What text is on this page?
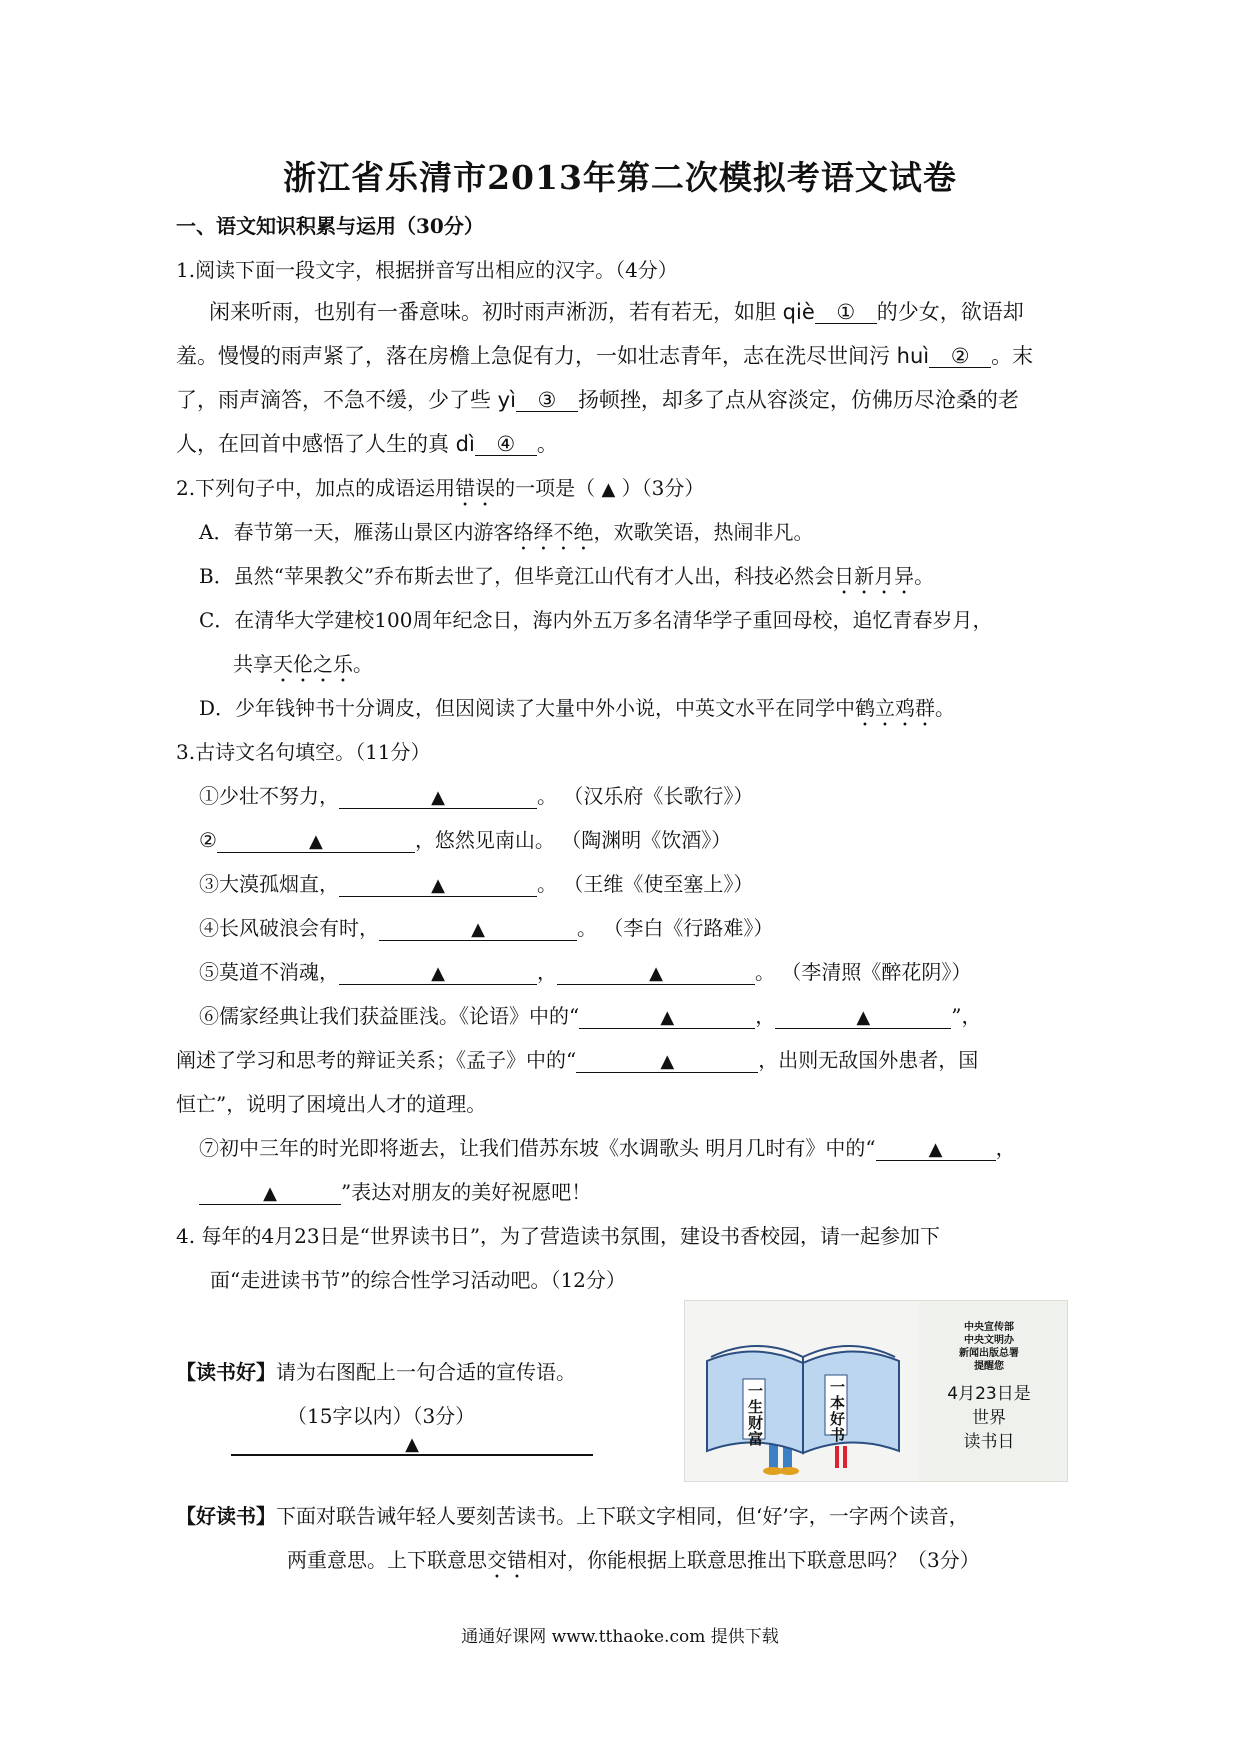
浙江省乐清市2013年第二次模拟考语文试卷
一、语文知识积累与运用（30分）
1.阅读下面一段文字，根据拼音写出相应的汉字。（4分）
闲来听雨，也别有一番意味。初时雨声淅沥，若有若无，如胆 qiè ① 的少女，欲语却
羞。慢慢的雨声紧了，落在房檐上急促有力，一如壮志青年，志在洗尽世间污 huì ② 。末
了，雨声滴答，不急不缓，少了些 yì ③ 扬顿挫，却多了点从容淡定，仿佛历尽沧桑的老
人，在回首中感悟了人生的真 dì ④ 。
2.下列句子中，加点的成语运用错误的一项是（ ▲ ）（3分）
A．春节第一天，雁荡山景区内游客络绎不绝，欢歌笑语，热闹非凡。
B．虽然“苹果教父”乔布斯去世了，但毕竟江山代有才人出，科技必然会日新月异。
C．在清华大学建校100周年纪念日，海内外五万多名清华学子重回母校，追忆青春岁月，
共享天伦之乐。
D．少年钱钟书十分调皮，但因阅读了大量中外小说，中英文水平在同学中鹤立鸡群。
3.古诗文名句填空。（11分）
①少壮不努力，	▲	。 （汉乐府《长歌行》）
②	▲	，悠然见南山。 （陶渊明《饮酒》）
③大漠孤烟直，	▲	。 （王维《使至塞上》）
④长风破浪会有时，	▲	。 （李白《行路难》）
⑤莫道不消魂，	▲	，	▲	。 （李清照《醉花阴》）
⑥儒家经典让我们获益匪浅。《论语》中的“	▲	，	▲	”，
阐述了学习和思考的辩证关系；《孟子》中的“	▲	，出则无敌国外患者，国
恒亡”，说明了困境出人才的道理。
⑦初中三年的时光即将逝去，让我们借苏东坡《水调歌头 明月几时有》中的“	▲	，
▲	”表达对朋友的美好祝愿吧！
4. 每年的4月23日是“世界读书日”，为了营造读书氛围，建设书香校园，请一起参加下
面“走进读书节”的综合性学习活动吧。（12分）
【读书好】请为右图配上一句合适的宣传语。
（15字以内）（3分）
▲
中央宣传部
中央文明办
新闻出版总署
提醒您
4月23日是
世界
读书日
一生财富	一本好书
【好读书】下面对联告诫年轻人要刻苦读书。上下联文字相同，但‘好’字，一字两个读音，
两重意思。上下联意思交错相对，你能根据上联意思推出下联意思吗？（3分）
通通好课网 www.tthaoke.com 提供下载
